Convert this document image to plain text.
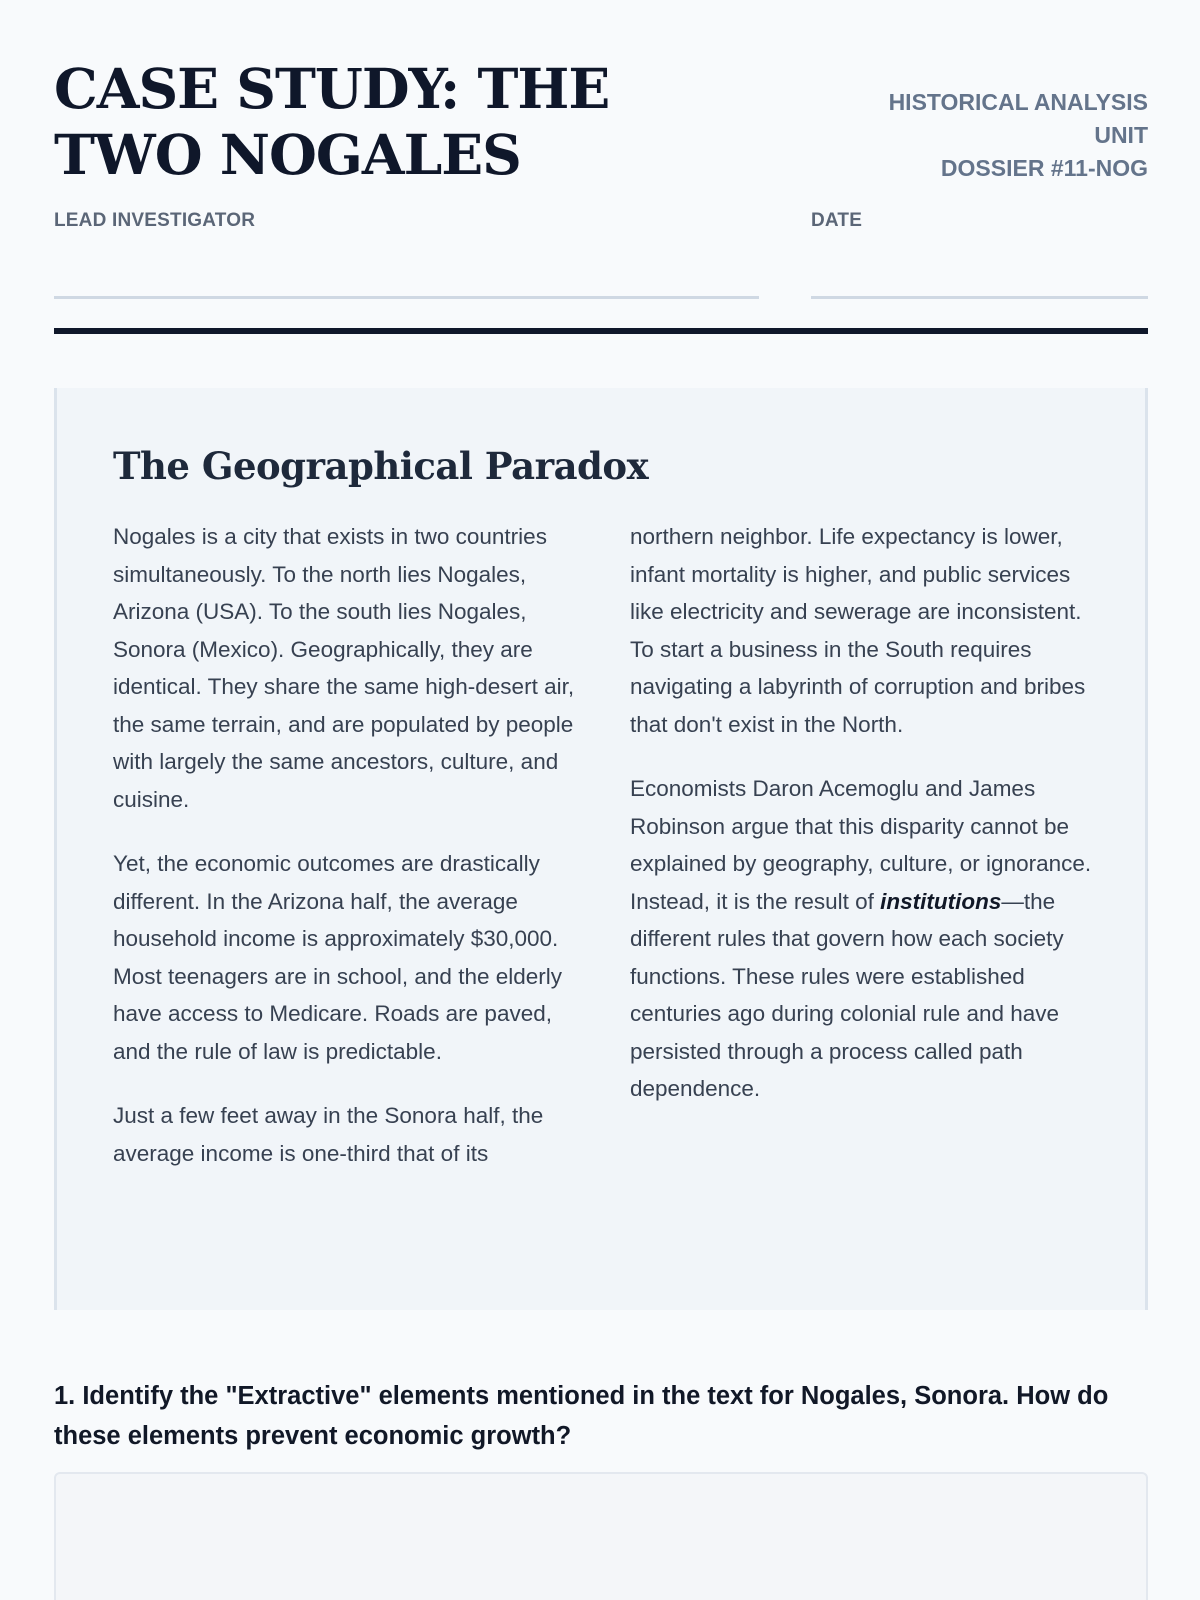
CASE STUDY: THE TWO NOGALES
HISTORICAL ANALYSIS UNIT
DOSSIER #11-NOG
LEAD INVESTIGATOR	DATE
The Geographical Paradox

Nogales is a city that exists in two countries simultaneously. To the north lies Nogales, Arizona (USA). To the south lies Nogales, Sonora (Mexico). Geographically, they are identical. They share the same high-desert air, the same terrain, and are populated by people with largely the same ancestors, culture, and cuisine.

Yet, the economic outcomes are drastically different. In the Arizona half, the average household income is approximately $30,000. Most teenagers are in school, and the elderly have access to Medicare. Roads are paved, and the rule of law is predictable.

Just a few feet away in the Sonora half, the average income is one-third that of its

northern neighbor. Life expectancy is lower, infant mortality is higher, and public services like electricity and sewerage are inconsistent. To start a business in the South requires navigating a labyrinth of corruption and bribes that don't exist in the North.

Economists Daron Acemoglu and James Robinson argue that this disparity cannot be explained by geography, culture, or ignorance. Instead, it is the result of institutions—the different rules that govern how each society functions. These rules were established centuries ago during colonial rule and have persisted through a process called path dependence.

1. Identify the "Extractive" elements mentioned in the text for Nogales, Sonora. How do these elements prevent economic growth?
